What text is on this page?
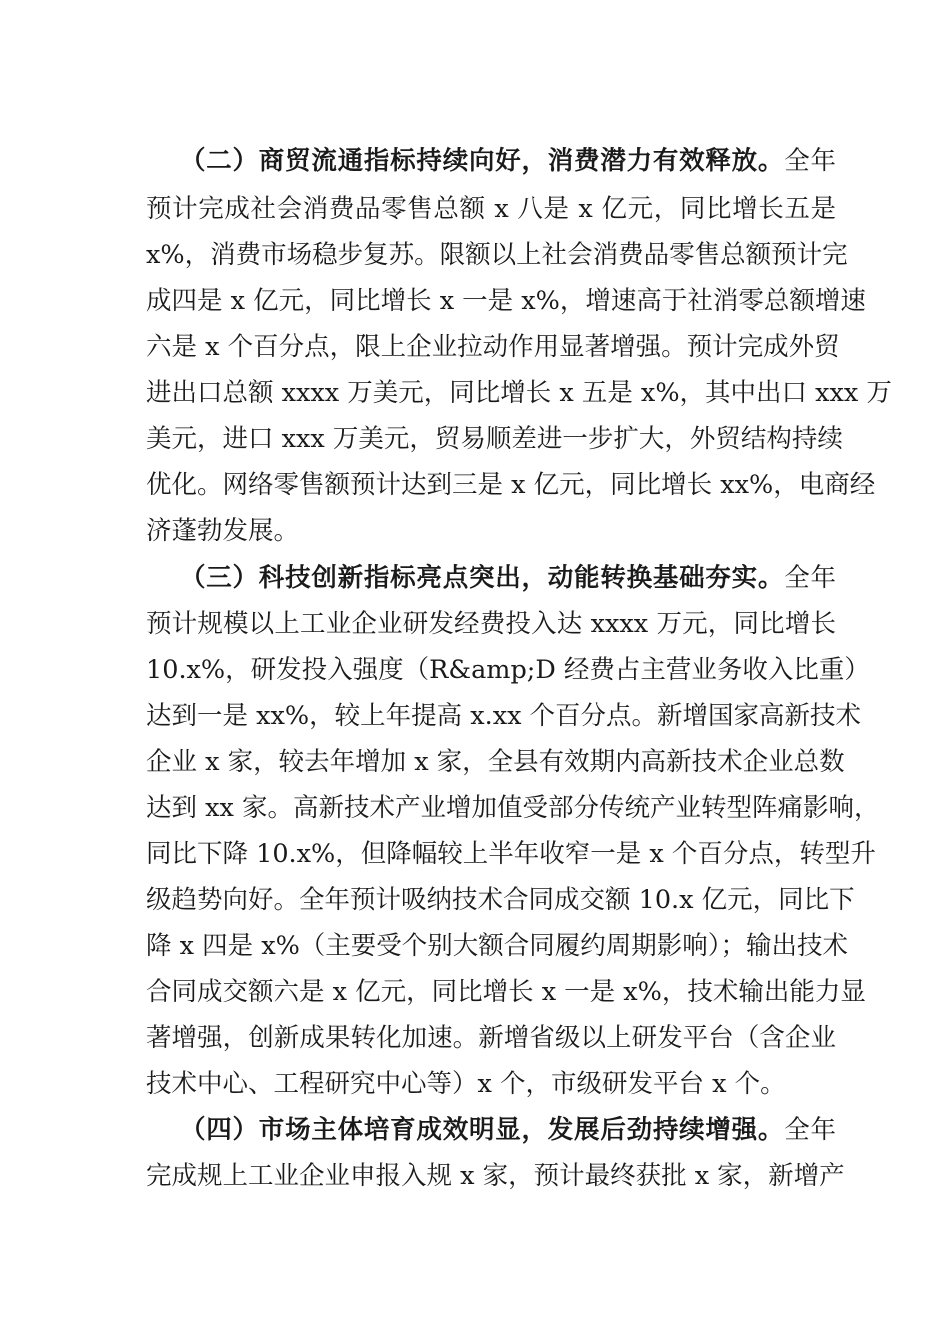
（二）商贸流通指标持续向好，消费潜力有效释放。全年
预计完成社会消费品零售总额 x 八是 x 亿元，同比增长五是
x%，消费市场稳步复苏。限额以上社会消费品零售总额预计完
成四是 x 亿元，同比增长 x 一是 x%，增速高于社消零总额增速
六是 x 个百分点，限上企业拉动作用显著增强。预计完成外贸
进出口总额 xxxx 万美元，同比增长 x 五是 x%，其中出口 xxx 万
美元，进口 xxx 万美元，贸易顺差进一步扩大，外贸结构持续
优化。网络零售额预计达到三是 x 亿元，同比增长 xx%，电商经
济蓬勃发展。
（三）科技创新指标亮点突出，动能转换基础夯实。全年
预计规模以上工业企业研发经费投入达 xxxx 万元，同比增长
10.x%，研发投入强度（R&amp;D 经费占主营业务收入比重）
达到一是 xx%，较上年提高 x.xx 个百分点。新增国家高新技术
企业 x 家，较去年增加 x 家，全县有效期内高新技术企业总数
达到 xx 家。高新技术产业增加值受部分传统产业转型阵痛影响，
同比下降 10.x%，但降幅较上半年收窄一是 x 个百分点，转型升
级趋势向好。全年预计吸纳技术合同成交额 10.x 亿元，同比下
降 x 四是 x%（主要受个别大额合同履约周期影响）；输出技术
合同成交额六是 x 亿元，同比增长 x 一是 x%，技术输出能力显
著增强，创新成果转化加速。新增省级以上研发平台（含企业
技术中心、工程研究中心等）x 个，市级研发平台 x 个。
（四）市场主体培育成效明显，发展后劲持续增强。全年
完成规上工业企业申报入规 x 家，预计最终获批 x 家，新增产
